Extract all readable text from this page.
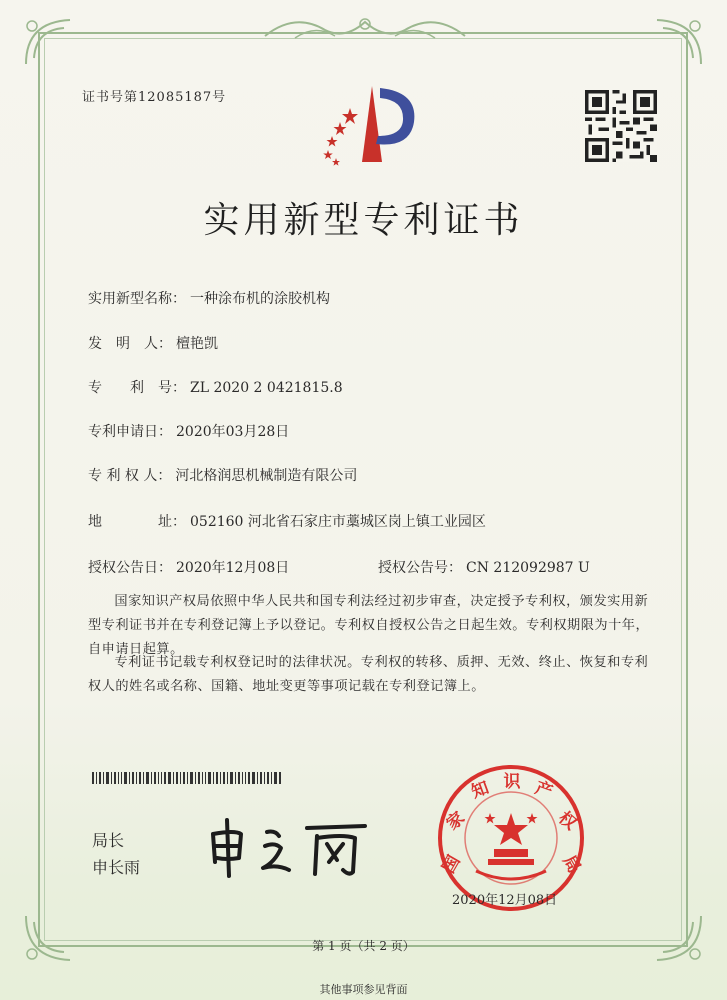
证书号第12085187号
实用新型专利证书
实用新型名称： 一种涂布机的涂胶机构
发　明　人： 檀艳凯
专　　利　号： ZL 2020 2 0421815.8
专利申请日： 2020年03月28日
专 利 权 人： 河北格润思机械制造有限公司
地　　　　址： 052160 河北省石家庄市藁城区岗上镇工业园区
授权公告日： 2020年12月08日	授权公告号： CN 212092987 U
国家知识产权局依照中华人民共和国专利法经过初步审查，决定授予专利权，颁发实用新型专利证书并在专利登记簿上予以登记。专利权自授权公告之日起生效。专利权期限为十年，自申请日起算。
专利证书记载专利权登记时的法律状况。专利权的转移、质押、无效、终止、恢复和专利权人的姓名或名称、国籍、地址变更等事项记载在专利登记簿上。
局长
申长雨	国
家
知 识 产
权
局
2020年12月08日
第 1 页（共 2 页）
其他事项参见背面
